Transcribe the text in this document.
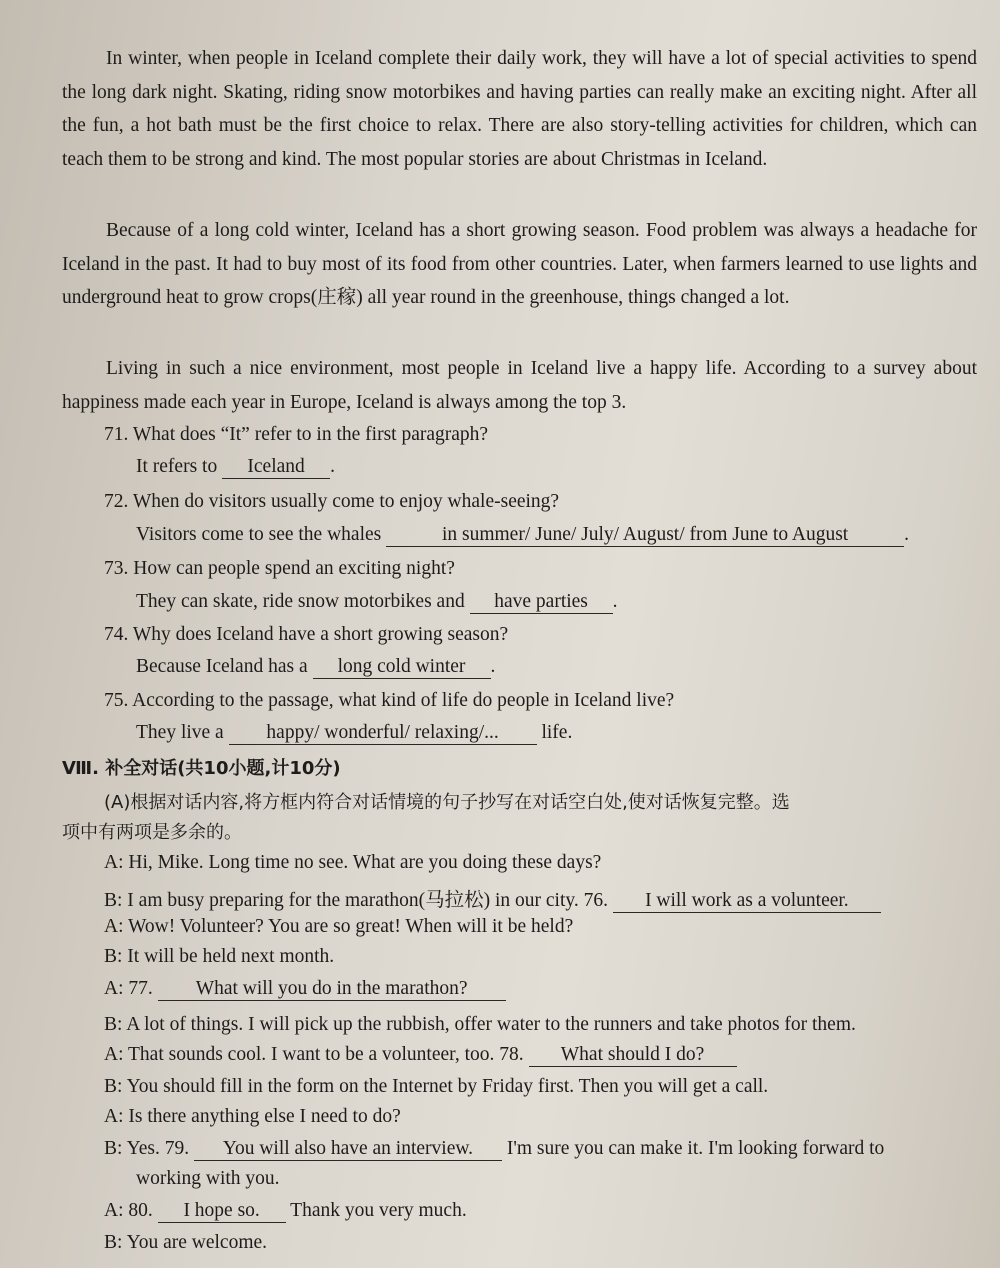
In winter, when people in Iceland complete their daily work, they will have a lot of special activities to spend the long dark night. Skating, riding snow motorbikes and having parties can really make an exciting night. After all the fun, a hot bath must be the first choice to relax. There are also story-telling activities for children, which can teach them to be strong and kind. The most popular stories are about Christmas in Iceland.

Because of a long cold winter, Iceland has a short growing season. Food problem was always a headache for Iceland in the past. It had to buy most of its food from other countries. Later, when farmers learned to use lights and underground heat to grow crops(庄稼) all year round in the greenhouse, things changed a lot.

Living in such a nice environment, most people in Iceland live a happy life. According to a survey about happiness made each year in Europe, Iceland is always among the top 3.

71. What does “It” refer to in the first paragraph?
It refers to Iceland .
72. When do visitors usually come to enjoy whale-seeing?
Visitors come to see the whales	in summer/ June/ July/ August/ from June to August	.
73. How can people spend an exciting night?
They can skate, ride snow motorbikes and have parties .
74. Why does Iceland have a short growing season?
Because Iceland has a long cold winter .
75. According to the passage, what kind of life do people in Iceland live?
They live a happy/ wonderful/ relaxing/... life.
Ⅷ. 补全对话(共10小题,计10分)
(A)根据对话内容,将方框内符合对话情境的句子抄写在对话空白处,使对话恢复完整。选
项中有两项是多余的。
A: Hi, Mike. Long time no see. What are you doing these days?
B: I am busy preparing for the marathon(马拉松) in our city. 76. I will work as a volunteer.
A: Wow! Volunteer? You are so great! When will it be held?
B: It will be held next month.
A: 77. What will you do in the marathon?
B: A lot of things. I will pick up the rubbish, offer water to the runners and take photos for them.
A: That sounds cool. I want to be a volunteer, too. 78. What should I do?
B: You should fill in the form on the Internet by Friday first. Then you will get a call.
A: Is there anything else I need to do?
B: Yes. 79. You will also have an interview. I'm sure you can make it. I'm looking forward to
working with you.
A: 80. I hope so. Thank you very much.
B: You are welcome.
